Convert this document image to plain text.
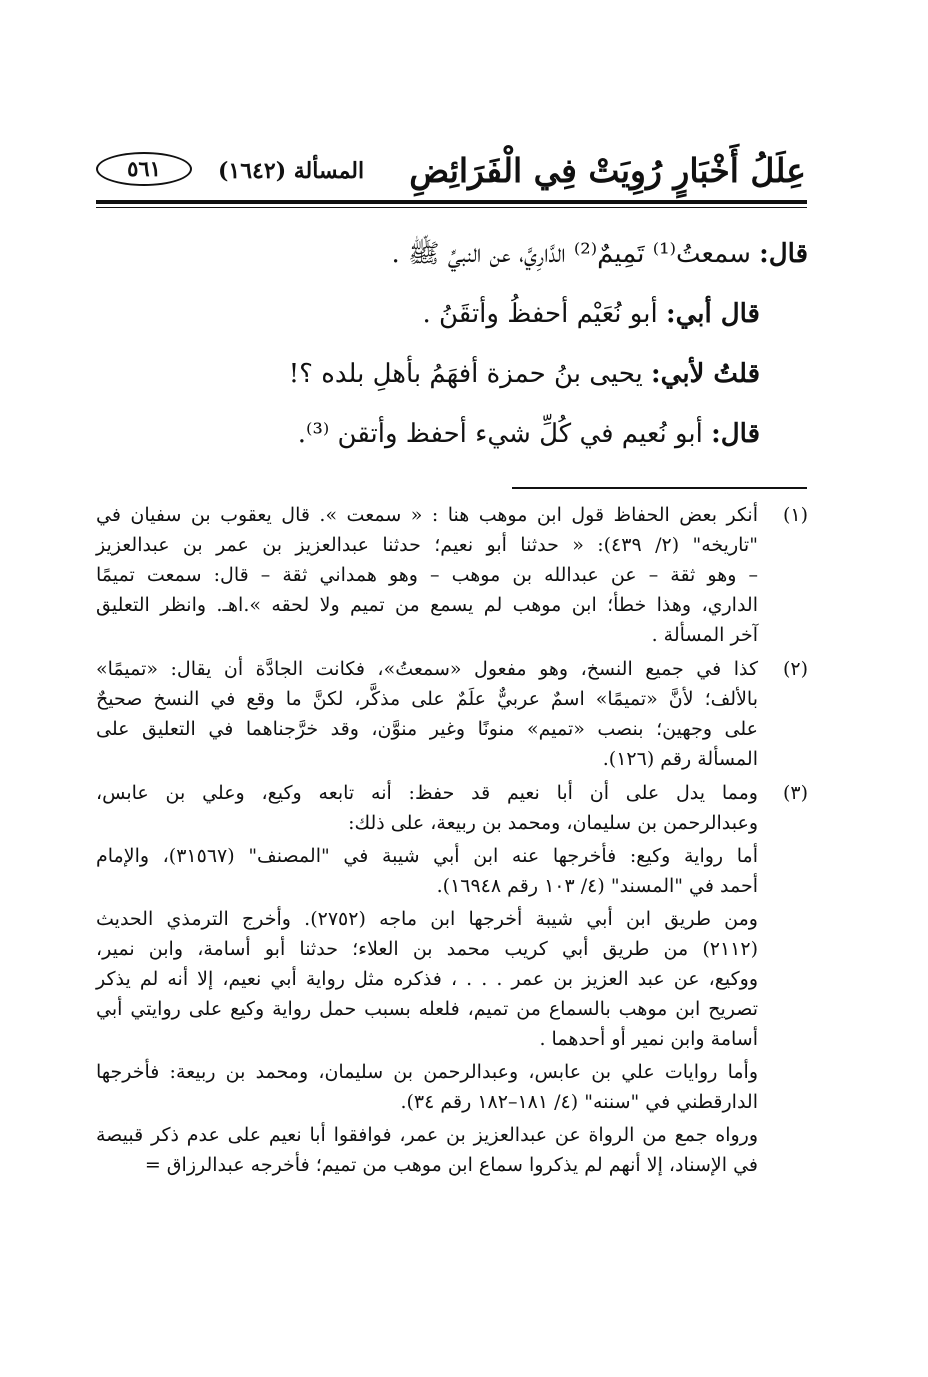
عِلَلُ أَخْبَارٍ رُوِيَتْ فِي الْفَرَائِضِ
المسألة (١٦٤٢)
٥٦١
قال: سمعتُ⁽¹⁾ تَمِيمٌ⁽²⁾ الدَّارِيَّ، عن النبيِّ ﷺ .
قال أبي: أبو نُعَيْم أحفظُ وأتقَنُ .
قلتُ لأبي: يحيى بنُ حمزة أفهَمُ بأهلِ بلده ؟!
قال: أبو نُعيم في كُلِّ شيء أحفظ وأتقن ⁽³⁾.
(١)
أنكر بعض الحفاظ قول ابن موهب هنا : « سمعت ». قال يعقوب بن سفيان في
"تاريخه" (٢/ ٤٣٩): « حدثنا أبو نعيم؛ حدثنا عبدالعزيز بن عمر بن عبدالعزيز
– وهو ثقة – عن عبدالله بن موهب – وهو همداني ثقة – قال: سمعت تميمًا
الداري، وهذا خطأ؛ ابن موهب لم يسمع من تميم ولا لحقه ».اهـ. وانظر التعليق
آخر المسألة .
(٢)
كذا في جميع النسخ، وهو مفعول «سمعتُ»، فكانت الجادَّة أن يقال: «تميمًا»
بالألف؛ لأنَّ «تميمًا» اسمٌ عربيٌّ علَمٌ على مذكَّر، لكنَّ ما وقع في النسخ صحيحٌ
على وجهين؛ بنصب «تميم» منونًا وغير منوَّن، وقد خرَّجناهما في التعليق على
المسألة رقم (١٢٦).
(٣)
ومما يدل على أن أبا نعيم قد حفظ: أنه تابعه وكيع، وعلي بن عابس،
وعبدالرحمن بن سليمان، ومحمد بن ربيعة، على ذلك:
أما رواية وكيع: فأخرجها عنه ابن أبي شيبة في "المصنف" (٣١٥٦٧)، والإمام
أحمد في "المسند" (٤/ ١٠٣ رقم ١٦٩٤٨).
ومن طريق ابن أبي شيبة أخرجها ابن ماجه (٢٧٥٢). وأخرج الترمذي الحديث
(٢١١٢) من طريق أبي كريب محمد بن العلاء؛ حدثنا أبو أسامة، وابن نمير،
ووكيع، عن عبد العزيز بن عمر . . . ، فذكره مثل رواية أبي نعيم، إلا أنه لم يذكر
تصريح ابن موهب بالسماع من تميم، فلعله بسبب حمل رواية وكيع على روايتي أبي
أسامة وابن نمير أو أحدهما .
وأما روايات علي بن عابس، وعبدالرحمن بن سليمان، ومحمد بن ربيعة: فأخرجها
الدارقطني في "سننه" (٤/ ١٨١–١٨٢ رقم ٣٤).
ورواه جمع من الرواة عن عبدالعزيز بن عمر، فوافقوا أبا نعيم على عدم ذكر قبيصة
في الإسناد، إلا أنهم لم يذكروا سماع ابن موهب من تميم؛ فأخرجه عبدالرزاق =
